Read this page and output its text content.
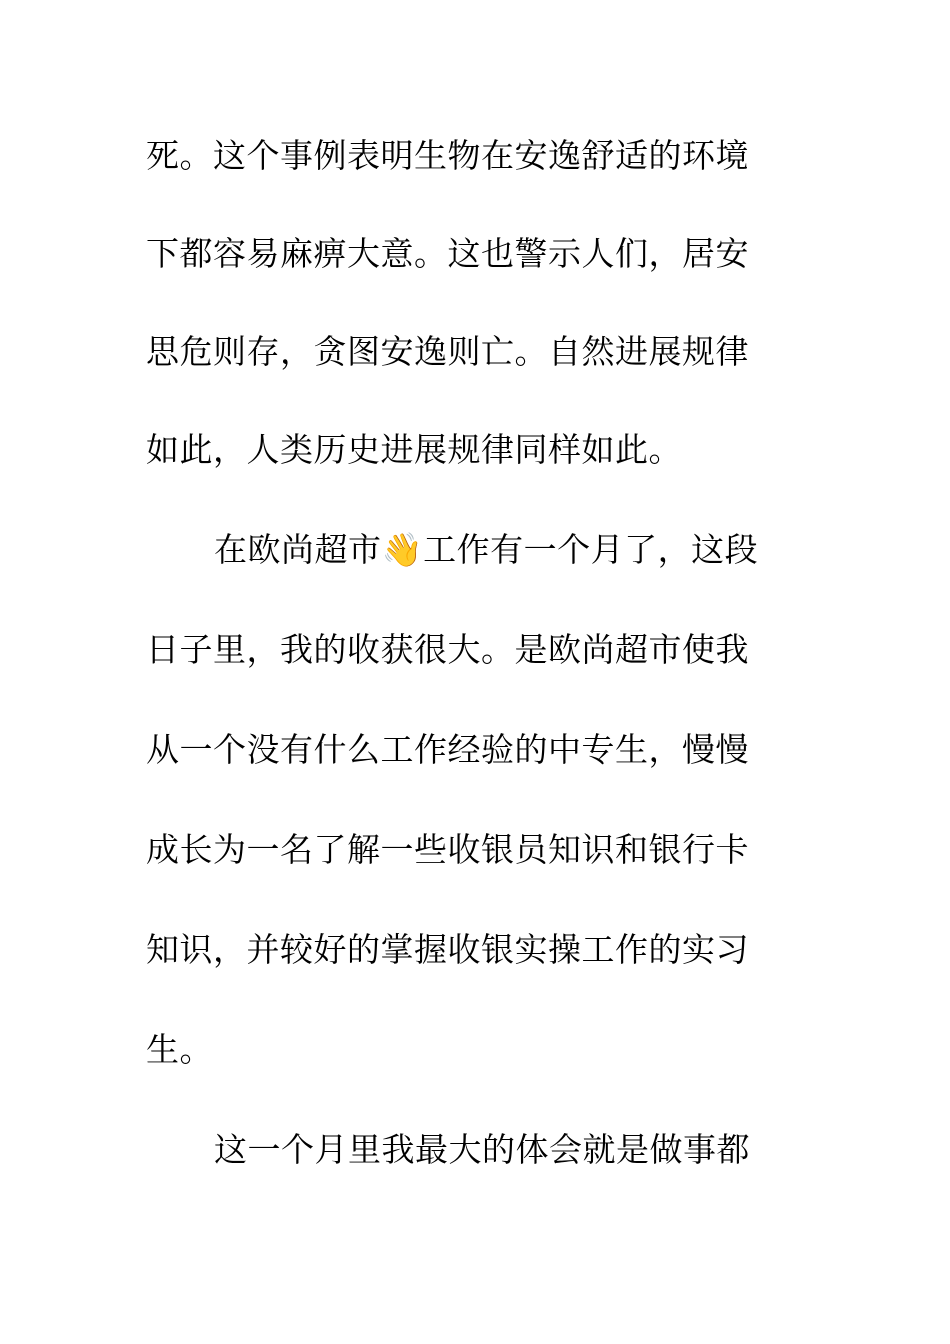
死。这个事例表明生物在安逸舒适的环境
下都容易麻痹大意。这也警示人们，居安
思危则存，贪图安逸则亡。自然进展规律
如此，人类历史进展规律同样如此。
在欧尚超市👋工作有一个月了，这段
日子里，我的收获很大。是欧尚超市使我
从一个没有什么工作经验的中专生，慢慢
成长为一名了解一些收银员知识和银行卡
知识，并较好的掌握收银实操工作的实习
生。
这一个月里我最大的体会就是做事都
